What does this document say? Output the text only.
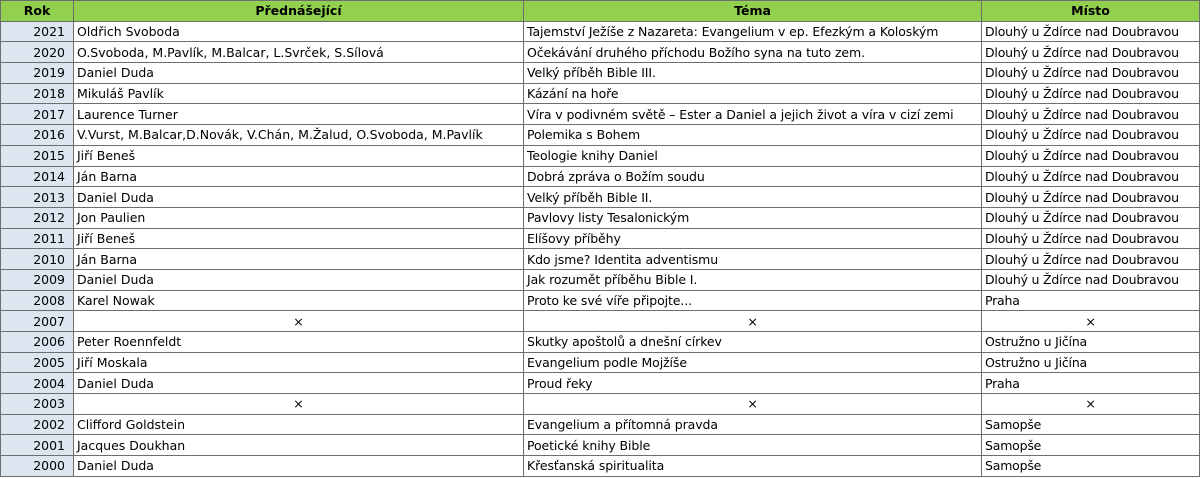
Rok	Přednášející	Téma	Místo
2021	Oldřich Svoboda	Tajemství Ježíše z Nazareta: Evangelium v ep. Efezkým a Koloským	Dlouhý u Ždírce nad Doubravou
2020	O.Svoboda, M.Pavlík, M.Balcar, L.Svrček, S.Sílová	Očekávání druhého příchodu Božího syna na tuto zem.	Dlouhý u Ždírce nad Doubravou
2019	Daniel Duda	Velký příběh Bible III.	Dlouhý u Ždírce nad Doubravou
2018	Mikuláš Pavlík	Kázání na hoře	Dlouhý u Ždírce nad Doubravou
2017	Laurence Turner	Víra v podivném světě – Ester a Daniel a jejich život a víra v cizí zemi	Dlouhý u Ždírce nad Doubravou
2016	V.Vurst, M.Balcar,D.Novák, V.Chán, M.Žalud, O.Svoboda, M.Pavlík	Polemika s Bohem	Dlouhý u Ždírce nad Doubravou
2015	Jiří Beneš	Teologie knihy Daniel	Dlouhý u Ždírce nad Doubravou
2014	Ján Barna	Dobrá zpráva o Božím soudu	Dlouhý u Ždírce nad Doubravou
2013	Daniel Duda	Velký příběh Bible II.	Dlouhý u Ždírce nad Doubravou
2012	Jon Paulien	Pavlovy listy Tesalonickým	Dlouhý u Ždírce nad Doubravou
2011	Jiří Beneš	Elíšovy příběhy	Dlouhý u Ždírce nad Doubravou
2010	Ján Barna	Kdo jsme? Identita adventismu	Dlouhý u Ždírce nad Doubravou
2009	Daniel Duda	Jak rozumět příběhu Bible I.	Dlouhý u Ždírce nad Doubravou
2008	Karel Nowak	Proto ke své víře připojte...	Praha
2007	×	×	×
2006	Peter Roennfeldt	Skutky apoštolů a dnešní církev	Ostružno u Jičína
2005	Jiří Moskala	Evangelium podle Mojžíše	Ostružno u Jičína
2004	Daniel Duda	Proud řeky	Praha
2003	×	×	×
2002	Clifford Goldstein	Evangelium a přítomná pravda	Samopše
2001	Jacques Doukhan	Poetické knihy Bible	Samopše
2000	Daniel Duda	Křesťanská spiritualita	Samopše
